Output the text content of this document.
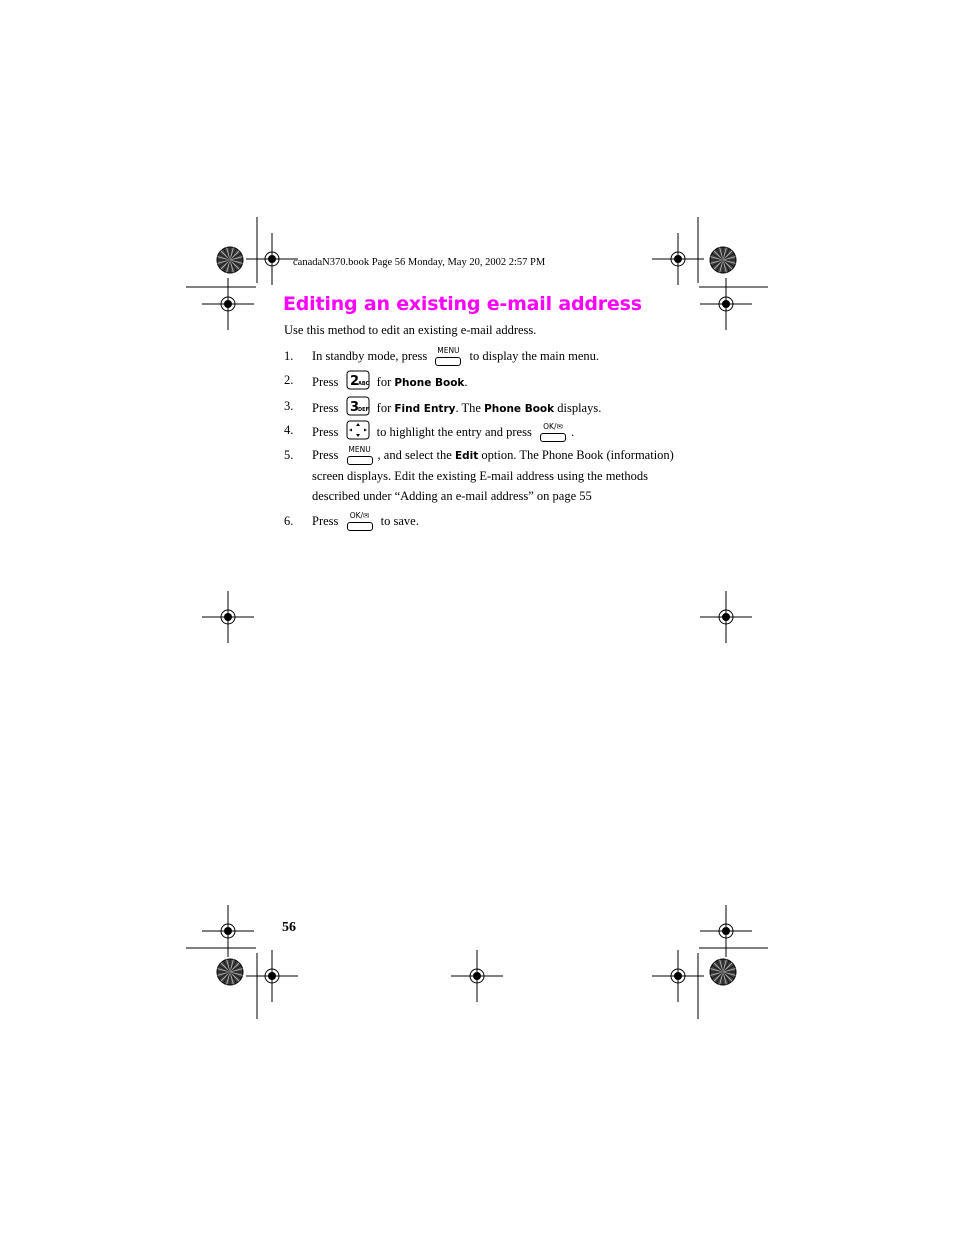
canadaN370.book Page 56 Monday, May 20, 2002 2:57 PM
Editing an existing e-mail address
Use this method to edit an existing e-mail address.
1.	In standby mode, press	MENU to display the main menu.
2.	Press 2
ABC for Phone Book.
3.	Press 3
DEF for Find Entry. The Phone Book displays.
4.	Press	to highlight the entry and press	OK/✉ .
5.	Press	MENU , and select the Edit option. The Phone Book (information)
screen displays. Edit the existing E-mail address using the methods
described under “Adding an e-mail address” on page 55
6.	Press	OK/✉ to save.
56
